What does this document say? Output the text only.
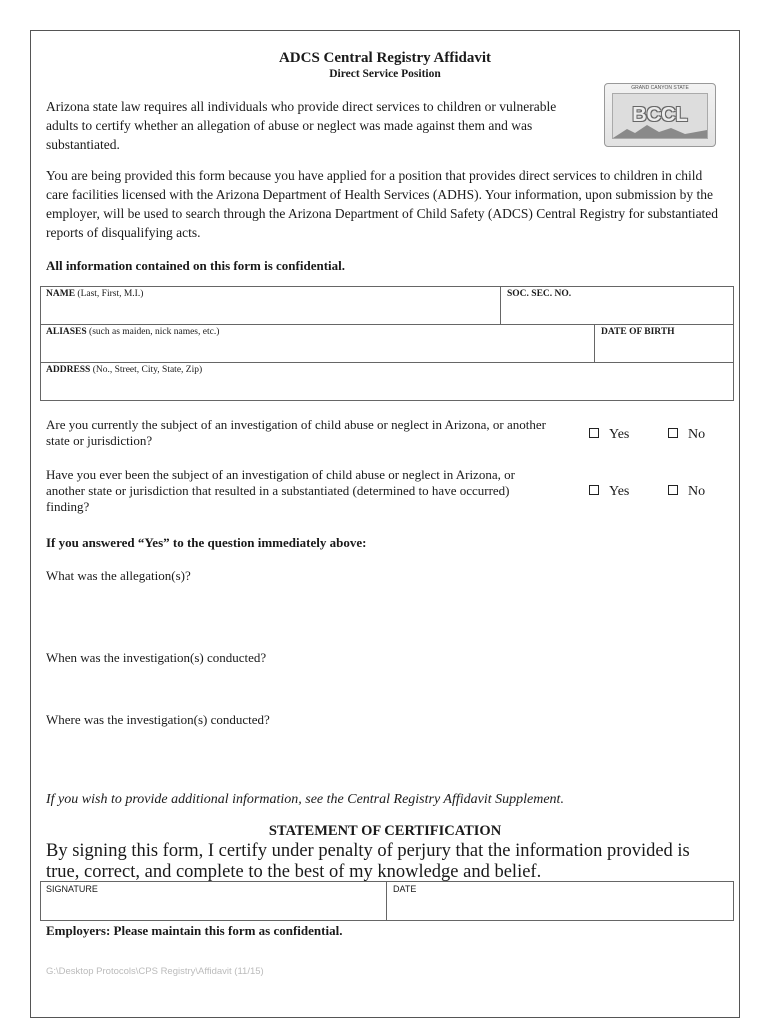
ADCS Central Registry Affidavit
Direct Service Position
GRAND CANYON STATE
BCCL
Arizona state law requires all individuals who provide direct services to children or vulnerable adults to certify whether an allegation of abuse or neglect was made against them and was substantiated.
You are being provided this form because you have applied for a position that provides direct services to children in child care facilities licensed with the Arizona Department of Health Services (ADHS). Your information, upon submission by the employer, will be used to search through the Arizona Department of Child Safety (ADCS) Central Registry for substantiated reports of disqualifying acts.
All information contained on this form is confidential.
NAME (Last, First, M.I.)	SOC. SEC. NO.
ALIASES (such as maiden, nick names, etc.)	DATE OF BIRTH
ADDRESS (No., Street, City, State, Zip)
Are you currently the subject of an investigation of child abuse or neglect in Arizona, or another state or jurisdiction?	Yes	No
Have you ever been the subject of an investigation of child abuse or neglect in Arizona, or another state or jurisdiction that resulted in a substantiated (determined to have occurred) finding?
Yes	No
If you answered “Yes” to the question immediately above:
What was the allegation(s)?
When was the investigation(s) conducted?
Where was the investigation(s) conducted?
If you wish to provide additional information, see the Central Registry Affidavit Supplement.
STATEMENT OF CERTIFICATION
By signing this form, I certify under penalty of perjury that the information provided is true, correct, and complete to the best of my knowledge and belief.
SIGNATURE	DATE
Employers: Please maintain this form as confidential.
G:\Desktop Protocols\CPS Registry\Affidavit (11/15)
